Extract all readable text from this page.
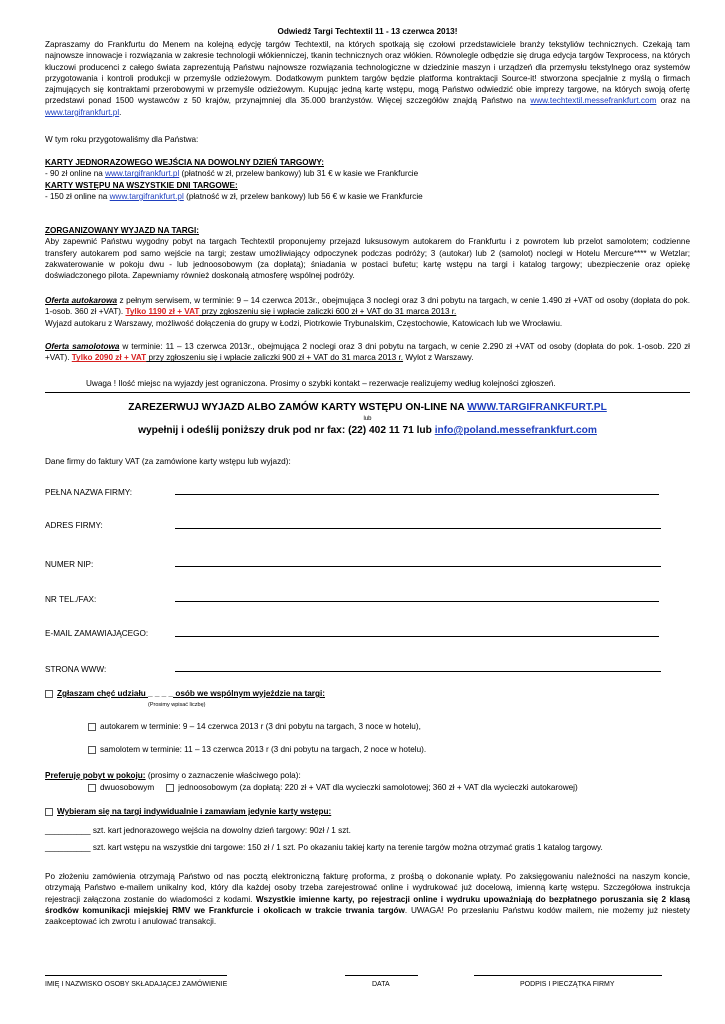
Odwiedź Targi Techtextil 11 - 13 czerwca 2013!
Zapraszamy do Frankfurtu do Menem na kolejną edycję targów Techtextil, na których spotkają się czołowi przedstawiciele branży tekstyliów technicznych. Czekają tam najnowsze innowacje i rozwiązania w zakresie technologii włókienniczej, tkanin technicznych oraz włókien. Równolegle odbędzie się druga edycja targów Texprocess, na których kluczowi producenci z całego świata zaprezentują Państwu najnowsze rozwiązania technologiczne w dziedzinie maszyn i urządzeń dla przemysłu tekstylnego oraz systemów przygotowania i kontroli produkcji w przemyśle odzieżowym. Dodatkowym punktem targów będzie platforma kontraktacji Source-it! stworzona specjalnie z myślą o firmach zajmujących się kontraktami przerobowymi w przemyśle odzieżowym. Kupując jedną kartę wstępu, mogą Państwo odwiedzić obie imprezy targowe, na których swoją ofertę przedstawi ponad 1500 wystawców z 50 krajów, przynajmniej dla 35.000 branżystów. Więcej szczegółów znajdą Państwo na www.techtextil.messefrankfurt.com oraz na www.targifrankfurt.pl.
W tym roku przygotowaliśmy dla Państwa:
KARTY JEDNORAZOWEGO WEJŚCIA NA DOWOLNY DZIEŃ TARGOWY:
- 90 zł online na www.targifrankfurt.pl (płatność w zł, przelew bankowy) lub 31 € w kasie we Frankfurcie
KARTY WSTĘPU NA WSZYSTKIE DNI TARGOWE:
- 150 zł online na www.targifrankfurt.pl (płatność w zł, przelew bankowy) lub 56 € w kasie we Frankfurcie
ZORGANIZOWANY WYJAZD NA TARGI:
Aby zapewnić Państwu wygodny pobyt na targach Techtextil proponujemy przejazd luksusowym autokarem do Frankfurtu i z powrotem lub przelot samolotem; codzienne transfery autokarem pod samo wejście na targi; zestaw umożliwiający odpoczynek podczas podróży; 3 (autokar) lub 2 (samolot) noclegi w Hotelu Mercure**** w Wetzlar; zakwaterowanie w pokoju dwu - lub jednoosobowym (za dopłatą); śniadania w postaci bufetu; kartę wstępu na targi i katalog targowy; ubezpieczenie oraz opiekę doświadczonego pilota. Zapewniamy również doskonałą atmosferę wspólnej podróży.
Oferta autokarowa z pełnym serwisem, w terminie: 9 – 14 czerwca 2013r., obejmująca 3 noclegi oraz 3 dni pobytu na targach, w cenie 1.490 zł +VAT od osoby (dopłata do pok. 1-osob. 360 zł +VAT). Tylko 1190 zł + VAT przy zgłoszeniu się i wpłacie zaliczki 600 zł + VAT do 31 marca 2013 r.
Wyjazd autokaru z Warszawy, możliwość dołączenia do grupy w Łodzi, Piotrkowie Trybunalskim, Częstochowie, Katowicach lub we Wrocławiu.
Oferta samolotowa w terminie: 11 – 13 czerwca 2013r., obejmująca 2 noclegi oraz 3 dni pobytu na targach, w cenie 2.290 zł +VAT od osoby (dopłata do pok. 1-osob. 220 zł +VAT). Tylko 2090 zł + VAT przy zgłoszeniu się i wpłacie zaliczki 900 zł + VAT do 31 marca 2013 r. Wylot z Warszawy.
Uwaga ! Ilość miejsc na wyjazdy jest ograniczona. Prosimy o szybki kontakt – rezerwacje realizujemy według kolejności zgłoszeń.
ZAREZERWUJ WYJAZD ALBO ZAMÓW KARTY WSTĘPU ON-LINE NA WWW.TARGIFRANKFURT.PL
lub
wypełnij i odeślij poniższy druk pod nr fax: (22) 402 11 71 lub info@poland.messefrankfurt.com
Dane firmy do faktury VAT (za zamówione karty wstępu lub wyjazd):
PEŁNA NAZWA FIRMY:
ADRES FIRMY:
NUMER NIP:
NR TEL./FAX:
E-MAIL ZAMAWIAJĄCEGO:
STRONA WWW:
Zgłaszam chęć udziału _ _ _ _ osób we wspólnym wyjeździe na targi:
(Prosimy wpisać liczbę)
autokarem w terminie: 9 – 14 czerwca 2013 r (3 dni pobytu na targach, 3 noce w hotelu),
samolotem w terminie: 11 – 13 czerwca 2013 r (3 dni pobytu na targach, 2 noce w hotelu).
Preferuję pobyt w pokoju: (prosimy o zaznaczenie właściwego pola):
dwuosobowym	jednoosobowym (za dopłatą: 220 zł + VAT dla wycieczki samolotowej; 360 zł + VAT dla wycieczki autokarowej)
Wybieram się na targi indywidualnie i zamawiam jedynie karty wstępu:
__________ szt. kart jednorazowego wejścia na dowolny dzień targowy: 90zł / 1 szt.
__________ szt. kart wstępu na wszystkie dni targowe: 150 zł / 1 szt. Po okazaniu takiej karty na terenie targów można otrzymać gratis 1 katalog targowy.
Po złożeniu zamówienia otrzymają Państwo od nas pocztą elektroniczną fakturę proforma, z prośbą o dokonanie wpłaty. Po zaksięgowaniu należności na naszym koncie, otrzymają Państwo e-mailem unikalny kod, który dla każdej osoby trzeba zarejestrować online i wydrukować już docelową, imienną kartę wstępu. Szczegółowa instrukcja rejestracji załączona zostanie do wiadomości z kodami. Wszystkie imienne karty, po rejestracji online i wydruku upoważniają do bezpłatnego poruszania się 2 klasą środków komunikacji miejskiej RMV we Frankfurcie i okolicach w trakcie trwania targów. UWAGA! Po przesłaniu Państwu kodów mailem, nie możemy już niestety zaakceptować ich zwrotu i anulować transakcji.
IMIĘ I NAZWISKO OSOBY SKŁADAJĄCEJ ZAMÓWIENIE	DATA	PODPIS I PIECZĄTKA FIRMY
